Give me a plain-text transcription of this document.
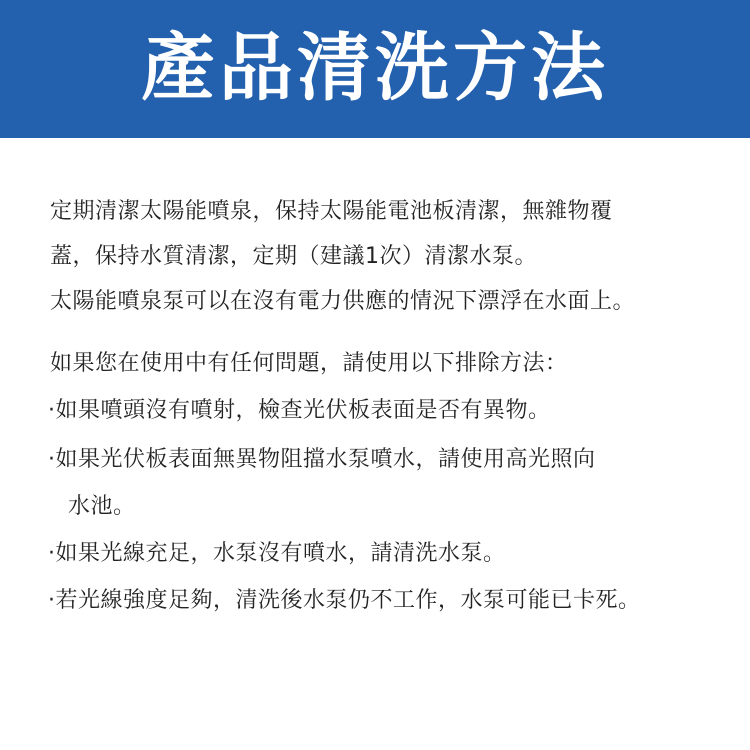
產品清洗方法
定期清潔太陽能噴泉，保持太陽能電池板清潔，無雜物覆
蓋，保持水質清潔，定期（建議1次）清潔水泵。
太陽能噴泉泵可以在沒有電力供應的情況下漂浮在水面上。
如果您在使用中有任何問題，請使用以下排除方法：
·如果噴頭沒有噴射，檢查光伏板表面是否有異物。
·如果光伏板表面無異物阻擋水泵噴水，請使用高光照向
水池。
·如果光線充足，水泵沒有噴水，請清洗水泵。
·若光線強度足夠，清洗後水泵仍不工作，水泵可能已卡死。
